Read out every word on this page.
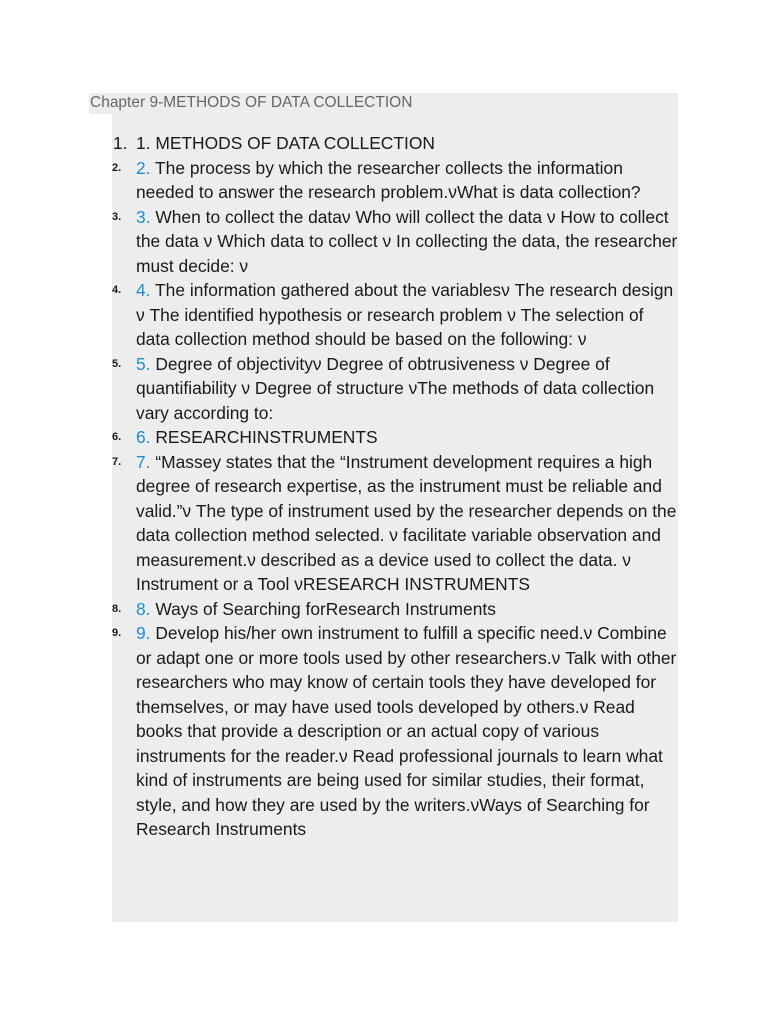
Chapter 9-METHODS OF DATA COLLECTION
1. 1. METHODS OF DATA COLLECTION
2. 2. The process by which the researcher collects the information needed to answer the research problem.νWhat is data collection?
3. 3. When to collect the dataν Who will collect the data ν How to collect the data ν Which data to collect ν In collecting the data, the researcher must decide: ν
4. 4. The information gathered about the variablesν The research design ν The identified hypothesis or research problem ν The selection of data collection method should be based on the following: ν
5. 5. Degree of objectivityν Degree of obtrusiveness ν Degree of quantifiability ν Degree of structure νThe methods of data collection vary according to:
6. 6. RESEARCHINSTRUMENTS
7. 7. “Massey states that the “Instrument development requires a high degree of research expertise, as the instrument must be reliable and valid.”ν The type of instrument used by the researcher depends on the data collection method selected. ν facilitate variable observation and measurement.ν described as a device used to collect the data. ν Instrument or a Tool νRESEARCH INSTRUMENTS
8. 8. Ways of Searching forResearch Instruments
9. 9. Develop his/her own instrument to fulfill a specific need.ν Combine or adapt one or more tools used by other researchers.ν Talk with other researchers who may know of certain tools they have developed for themselves, or may have used tools developed by others.ν Read books that provide a description or an actual copy of various instruments for the reader.ν Read professional journals to learn what kind of instruments are being used for similar studies, their format, style, and how they are used by the writers.νWays of Searching for Research Instruments
